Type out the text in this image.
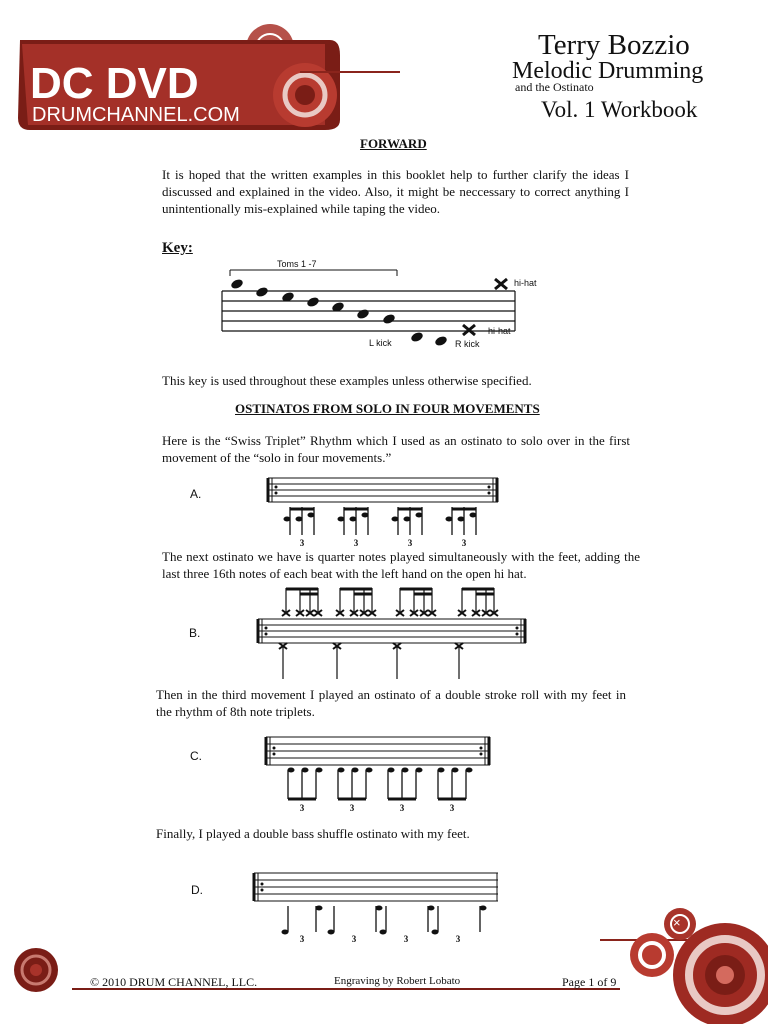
DC DVD
DRUMCHANNEL.COM
Terry Bozzio
Melodic Drumming
and the Ostinato
Vol. 1 Workbook
FORWARD
It is hoped that the written examples in this booklet help to further clarify the ideas I discussed and explained in the video. Also, it might be neccessary to correct anything I unintentionally mis-explained while taping the video.
Key:
Toms 1 -7
hi-hat
hi-hat
L kick	R kick
This key is used throughout these examples unless otherwise specified.
OSTINATOS FROM SOLO IN FOUR MOVEMENTS
Here is the “Swiss Triplet” Rhythm which I used as an ostinato to solo over in the first movement of the “solo in four movements.”
A.
3	3	3	3
The next ostinato we have is quarter notes played simultaneously with the feet, adding the last three 16th notes of each beat with the left hand on the open hi hat.
B.
Then in the third movement I played an ostinato of a double stroke roll with my feet in the rhythm of 8th note triplets.
C.
3	3	3	3
Finally, I played a double bass shuffle ostinato with my feet.
D.
3	3	3	3
×
© 2010 DRUM CHANNEL, LLC.	Engraving by Robert Lobato	Page 1 of 9
